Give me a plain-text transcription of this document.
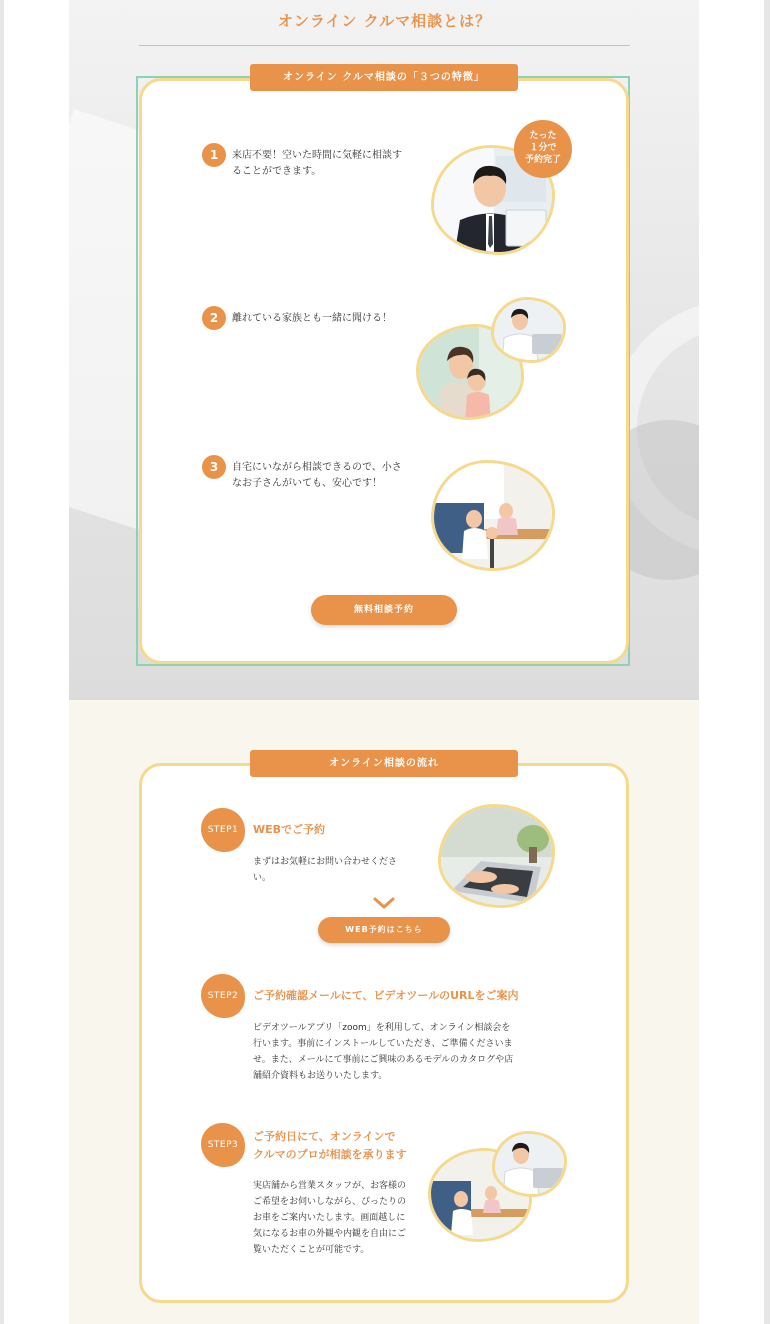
オンライン クルマ相談とは？
オンライン クルマ相談の「３つの特徴」
1	来店不要！空いた時間に気軽に相談することができます。
たった
１分で
予約完了
2	離れている家族とも一緒に聞ける！
3	自宅にいながら相談できるので、小さなお子さんがいても、安心です！
無料相談予約
オンライン相談の流れ
STEP1	WEBでご予約
まずはお気軽にお問い合わせください。
WEB予約はこちら
STEP2	ご予約確認メールにて、ビデオツールのURLをご案内
ビデオツールアプリ「zoom」を利用して、オンライン相談会を行います。事前にインストールしていただき、ご準備くださいませ。また、メールにて事前にご興味のあるモデルのカタログや店舗紹介資料もお送りいたします。
STEP3
ご予約日にて、オンラインで
クルマのプロが相談を承ります
実店舗から営業スタッフが、お客様のご希望をお伺いしながら、ぴったりのお車をご案内いたします。画面越しに気になるお車の外観や内観を自由にご覧いただくことが可能です。
